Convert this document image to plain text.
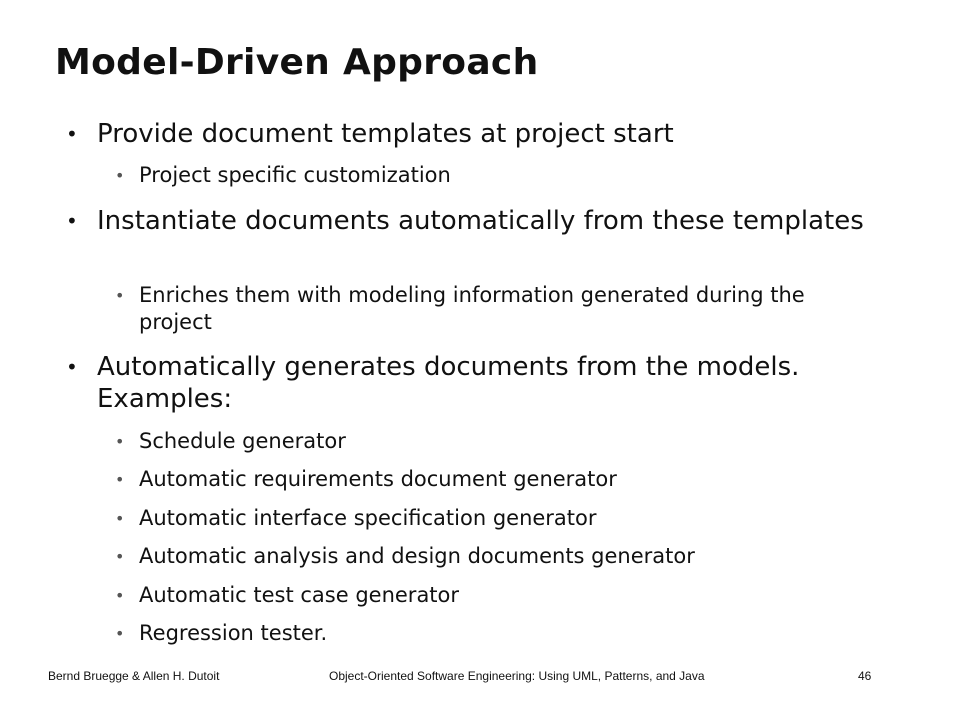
Model-Driven Approach
• Provide document templates at project start
• Project specific customization
• Instantiate documents automatically from these templates
• Enriches them with modeling information generated during the project
• Automatically generates documents from the models. Examples:
• Schedule generator
• Automatic requirements document generator
• Automatic interface specification generator
• Automatic analysis and design documents generator
• Automatic test case generator
• Regression tester.
Bernd Bruegge & Allen H. Dutoit	Object-Oriented Software Engineering: Using UML, Patterns, and Java	46
